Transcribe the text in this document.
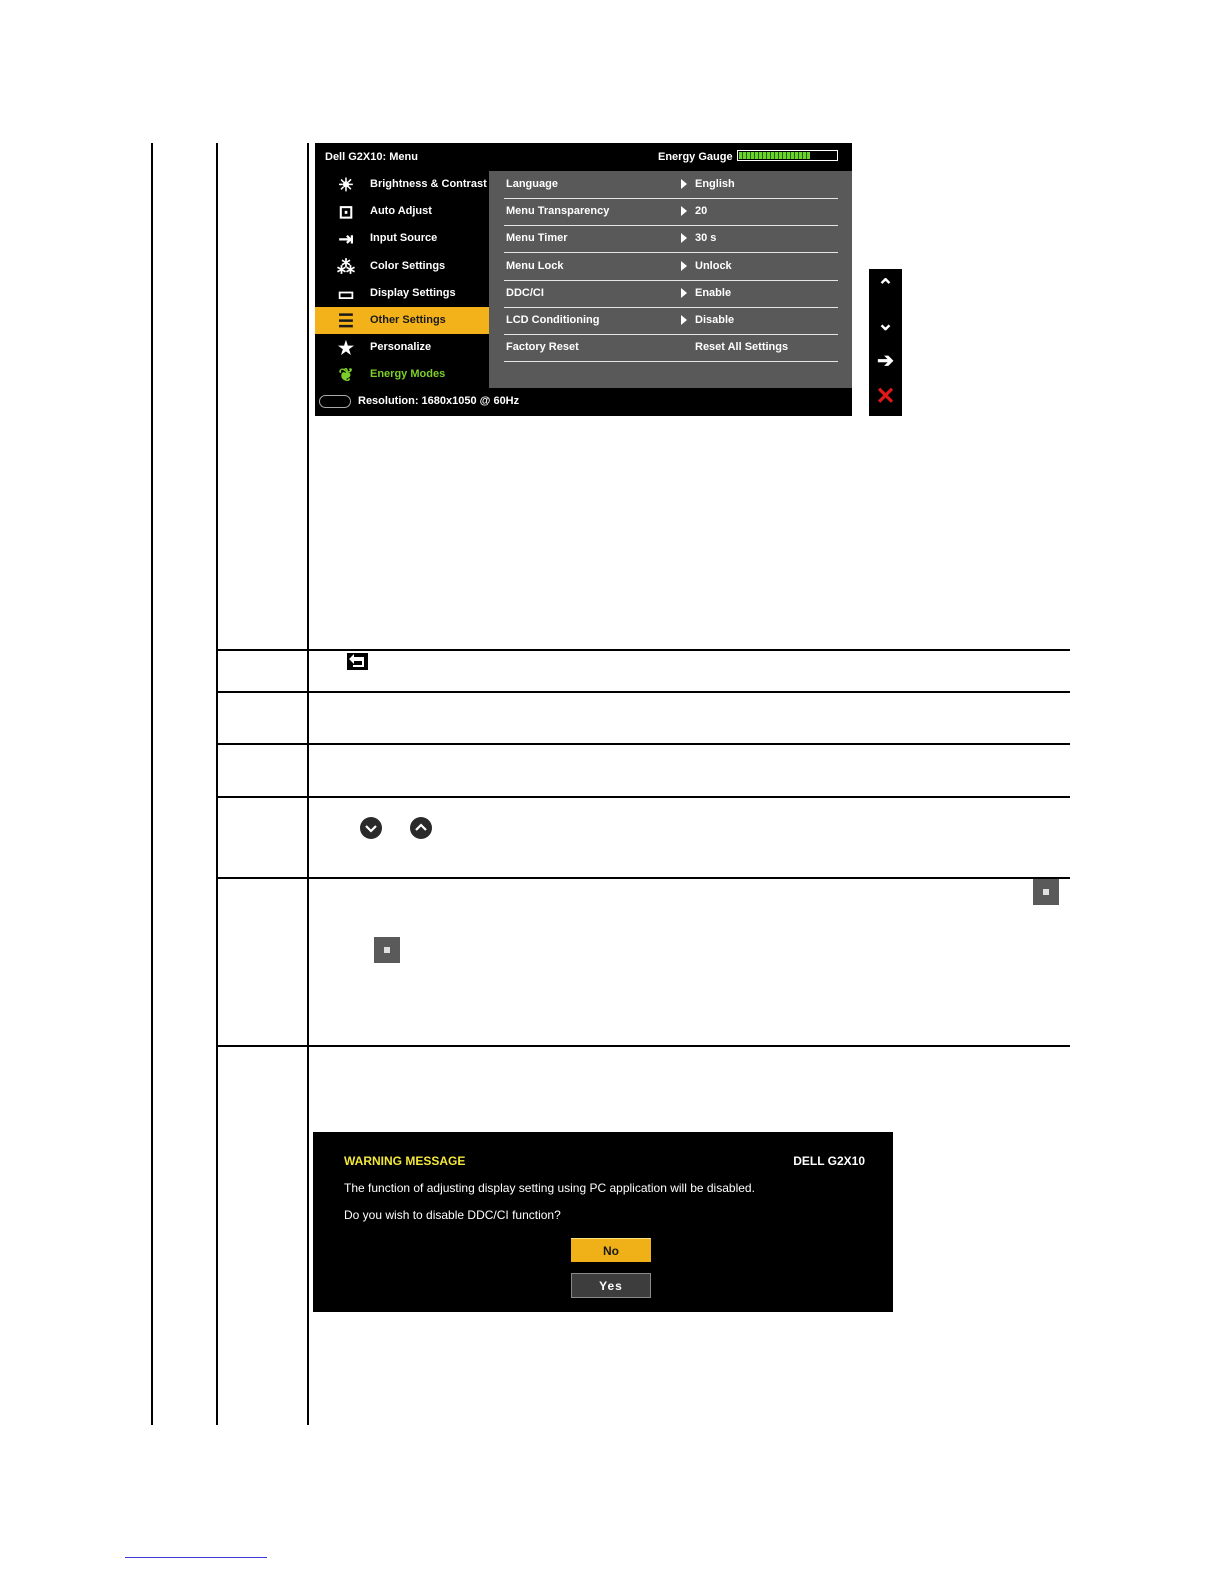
Dell G2X10: Menu	Energy Gauge
Resolution: 1680x1050 @ 60Hz
☀	Brightness & Contrast
⊡	Auto Adjust
⇥	Input Source
⁂	Color Settings
▭	Display Settings
☰	Other Settings
★	Personalize
❦	Energy Modes
Language	English
Menu Transparency	20
Menu Timer	30 s
Menu Lock	Unlock
DDC/CI	Enable
LCD Conditioning	Disable
Factory Reset	Reset All Settings
⌃
⌄
➔
✕
WARNING MESSAGE	DELL G2X10
The function of adjusting display setting using PC application will be disabled.
Do you wish to disable DDC/CI function?
No
Yes
